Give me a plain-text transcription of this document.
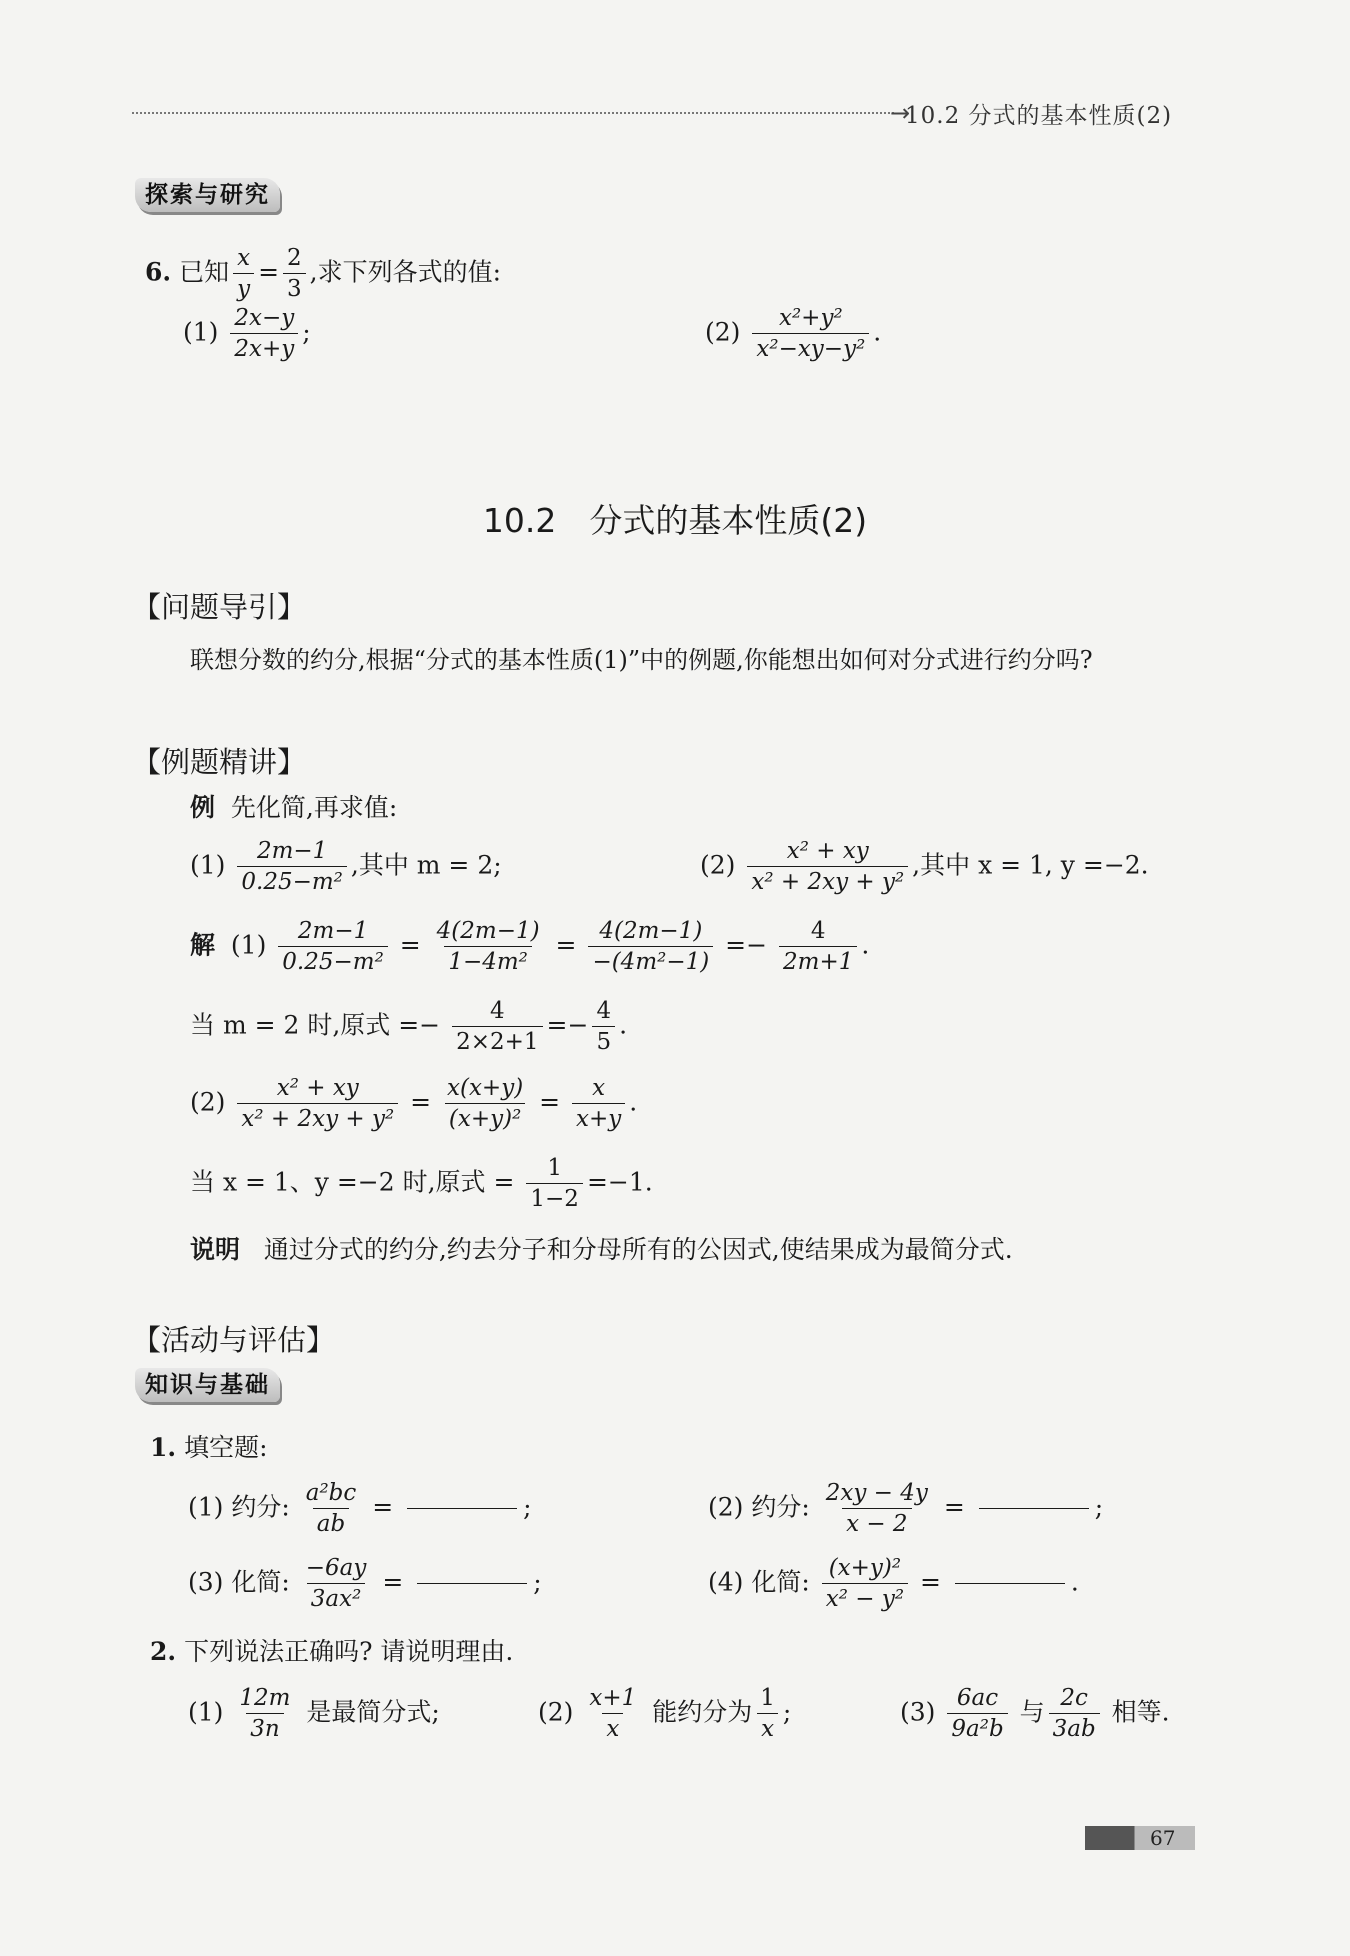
→
10.2 分式的基本性质(2)
探索与研究
6. 已知 $\frac{x}{y} = \frac{2}{3}$ ,求下列各式的值:
$(1) \frac{2x-y}{2x+y}$ ;	$(2) \frac{\text{x²+y²}}{\text{x²−xy−y²}}$ .
10.2　分式的基本性质(2)
【问题导引】
联想分数的约分,根据“分式的基本性质(1)”中的例题,你能想出如何对分式进行约分吗?
【例题精讲】
例 先化简,再求值:
$(1) \frac{2m-1}{\text{0.25−m²}}$ ,其中 m = 2;	$(2) \frac{\text{x² + xy}}{\text{x² + 2xy + y²}}$ ,其中 x = 1, y =−2.
解 $(1) \frac{2m-1}{\text{0.25−m²}} = \frac{4(2m-1)}{\text{1−4m²}} = \frac{4(2m-1)}{\text{−(4m²−1)}} =- \frac{4}{2m+1}$ .
当 m = 2 时,原式 =− $\frac{4}{2\times 2+1} =- \frac{4}{5}$ .
$(2) \frac{\text{x² + xy}}{\text{x² + 2xy + y²}} = \frac{x(x+y)}{\text{(x+y)²}} = \frac{x}{x+y}$ .
当 x = 1、y =−2 时,原式 = $\frac{1}{1-2} =-1$.
说明 通过分式的约分,约去分子和分母所有的公因式,使结果成为最简分式.
【活动与评估】
知识与基础
1. 填空题:
(1) 约分: $\frac{\text{a²bc}}{ab}$ =	;	(2) 约分: $\frac{2xy - 4y}{x - 2}$ =	;
(3) 化简: $\frac{-6ay}{\text{3ax²}}$ =	;	(4) 化简: $\frac{\text{(x+y)²}}{\text{x² − y²}}$ =	.
2. 下列说法正确吗? 请说明理由.
$(1) \frac{12m}{3n}$ 是最简分式;	$(2) \frac{x+1}{x}$ 能约分为 $\frac{1}{x}$ ;	$(3) \frac{6ac}{\text{9a²b}}$ 与 $\frac{2c}{3ab}$ 相等.
67
